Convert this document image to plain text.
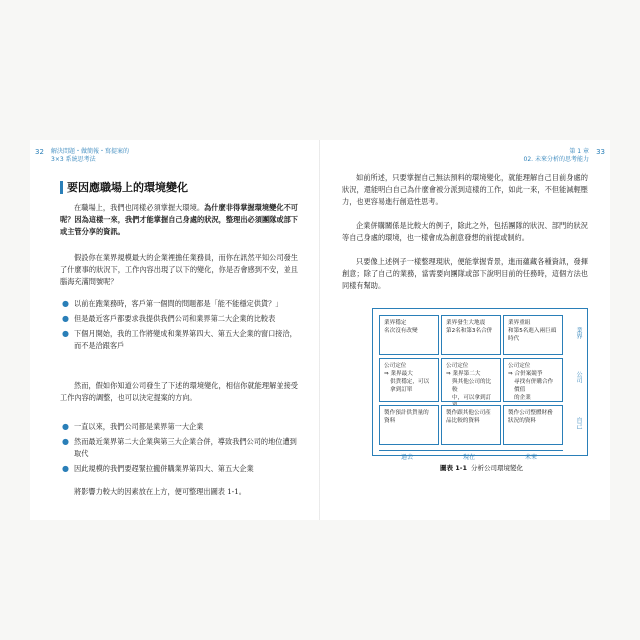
32 解決問題・做簡報・寫提案的
3×3 系統思考法
要因應職場上的環境變化

在職場上，我們也同樣必須掌握大環境。為什麼非得掌握環境變化不可呢？因為這樣一來，我們才能掌握自己身處的狀況，整理出必須團隊或部下或主管分享的資訊。

假設你在業界規模最大的企業裡擔任業務員，而你在訊然平知公司發生了什麼事的狀況下，工作內容出現了以下的變化，你是否會感到不安，並且腦海充滿問號呢？

● 以前在跑業務時，客戶第一個問的問題都是「能不能穩定供貨？」
● 但是最近客戶都要求我提供我們公司和業界第二大企業的比較表
● 下個月開始，我的工作將變成和業界第四大、第五大企業的窗口接洽，而不是洽跟客戶

然而，假如你知道公司發生了下述的環境變化，相信你就能理解並接受工作內容的調整，也可以決定提案的方向。

● 一直以來，我們公司都是業界第一大企業
● 然而最近業界第二大企業與第三大企業合併，導致我們公司的地位遭到取代
● 因此規模的我們要趕緊拉攏併購業界第四大、第五大企業

將影響力較大的因素放在上方，便可整理出圖表 1-1。

33
第 1 章
02. 未來分析的思考能力

如前所述，只要掌握自己無法預料的環境變化，就能理解自己目前身處的狀況，還能明白自己為什麼會被分派到這樣的工作，如此一來，不但能減輕壓力，也更容易進行創造性思考。

企業併購關係是比較大的例子，除此之外，包括團隊的狀況、部門的狀況等自己身處的環境，也一樣會成為創意發想的前提或制約。

只要像上述例子一樣整理現狀，便能掌握背景，進而蘊藏各種資訊，發揮創意；除了自己的業務，當需要向團隊或部下說明目前的任務時，這個方法也同樣有幫助。

業界穩定
名次沒有改變
業界發生大地震
第2名和第3名合併
業界重組
和第5名進入兩巨頭時代
公司定位
⇒ 業界最大
供貨穩定，可以
拿到訂單
公司定位
⇒ 業界第二大
與其他公司的比較
中，可以拿到訂
公司定位
⇒ 合併案競爭
尋找有併購合作價值
的企業
製作預計供貨量的
資料
製作跟其他公司產
品比較的資料
製作公司整體財務
狀況的資料
業界
公司
自己
過去	現在	未來
圖表 1-1 分析公司環境變化
